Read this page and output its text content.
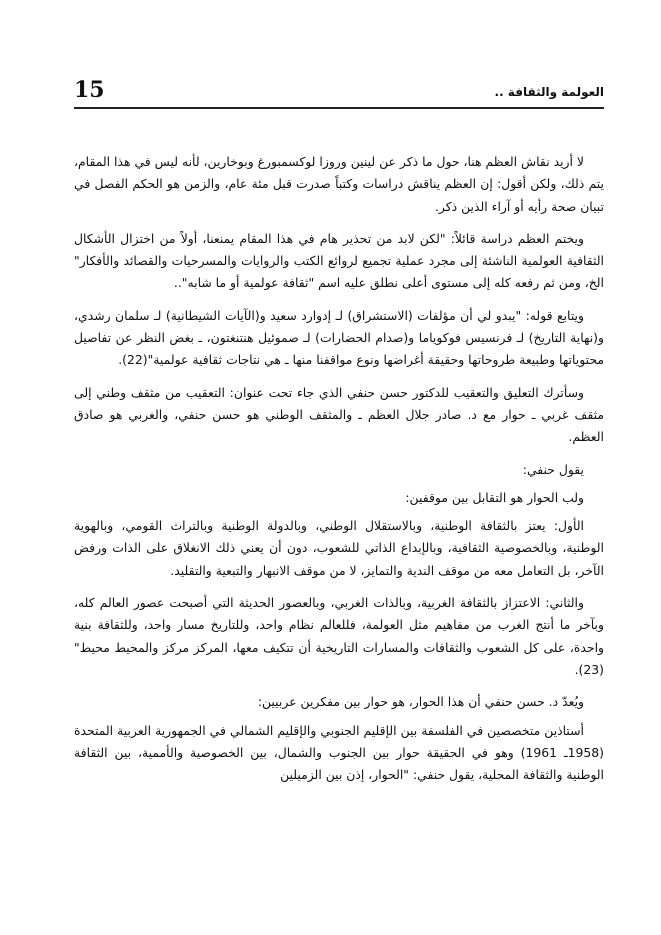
15	العولمة والثقافة ..

لا أريد نقاش العظم هنا، حول ما ذكر عن لينين وروزا لوكسمبورغ وبوخارين، لأنه ليس في هذا المقام، يتم ذلك، ولكن أقول: إن العظم يناقش دراسات وكتباً صدرت قبل مئة عام، والزمن هو الحكم الفصل في تبيان صحة رأيه أو آراء الذين ذكر.

ويختم العظم دراسة قائلاً: "لكن لابد من تحذير هام في هذا المقام يمنعنا، أولاً من اختزال الأشكال الثقافية العولمية الناشئة إلى مجرد عملية تجميع لروائع الكتب والروايات والمسرحيات والقصائد والأفكار" الخ، ومن ثم رفعه كله إلى مستوى أعلى نطلق عليه اسم "ثقافة عولمية أو ما شابه"..

ويتابع قوله: "يبدو لي أن مؤلفات (الاستشراق) لـ إدوارد سعيد و(الآيات الشيطانية) لـ سلمان رشدي، و(نهاية التاريخ) لـ فرنسيس فوكوياما و(صدام الحضارات) لـ صموئيل هنتنغتون، ـ بغض النظر عن تفاصيل محتوياتها وطبيعة طروحاتها وحقيقة أغراضها ونوع مواقفنا منها ـ هي نتاجات ثقافية عولمية"(22).

وسأترك التعليق والتعقيب للدكتور حسن حنفي الذي جاء تحت عنوان: التعقيب من مثقف وطني إلى مثقف غربي ـ حوار مع د. صادر جلال العظم ـ والمثقف الوطني هو حسن حنفي، والغربي هو صادق العظم.

يقول حنفي:

ولب الحوار هو التقابل بين موقفين:

الأول: يعتز بالثقافة الوطنية، وبالاستقلال الوطني، وبالدولة الوطنية وبالتراث القومي، وبالهوية الوطنية، وبالخصوصية الثقافية، وبالإبداع الذاتي للشعوب، دون أن يعني ذلك الانغلاق على الذات ورفض الآخر، بل التعامل معه من موقف الندية والتمايز، لا من موقف الانبهار والتبعية والتقليد.

والثاني: الاعتزاز بالثقافة الغربية، وبالذات الغربي، وبالعصور الحديثة التي أصبحت عصور العالم كله، وبآخر ما أنتج الغرب من مفاهيم مثل العولمة، فللعالم نظام واحد، وللتاريخ مسار واحد، وللثقافة بنية واحدة، على كل الشعوب والثقافات والمسارات التاريخية أن تتكيف معها، المركز مركز والمحيط محيط"(23).

ويُعدّ د. حسن حنفي أن هذا الحوار، هو حوار بين مفكرين عربيين:

أستاذين متخصصين في الفلسفة بين الإقليم الجنوبي والإقليم الشمالي في الجمهورية العربية المتحدة (1958ـ 1961) وهو في الحقيقة حوار بين الجنوب والشمال، بين الخصوصية والأممية، بين الثقافة الوطنية والثقافة المحلية، يقول حنفي: "الحوار، إذن بين الزميلين
